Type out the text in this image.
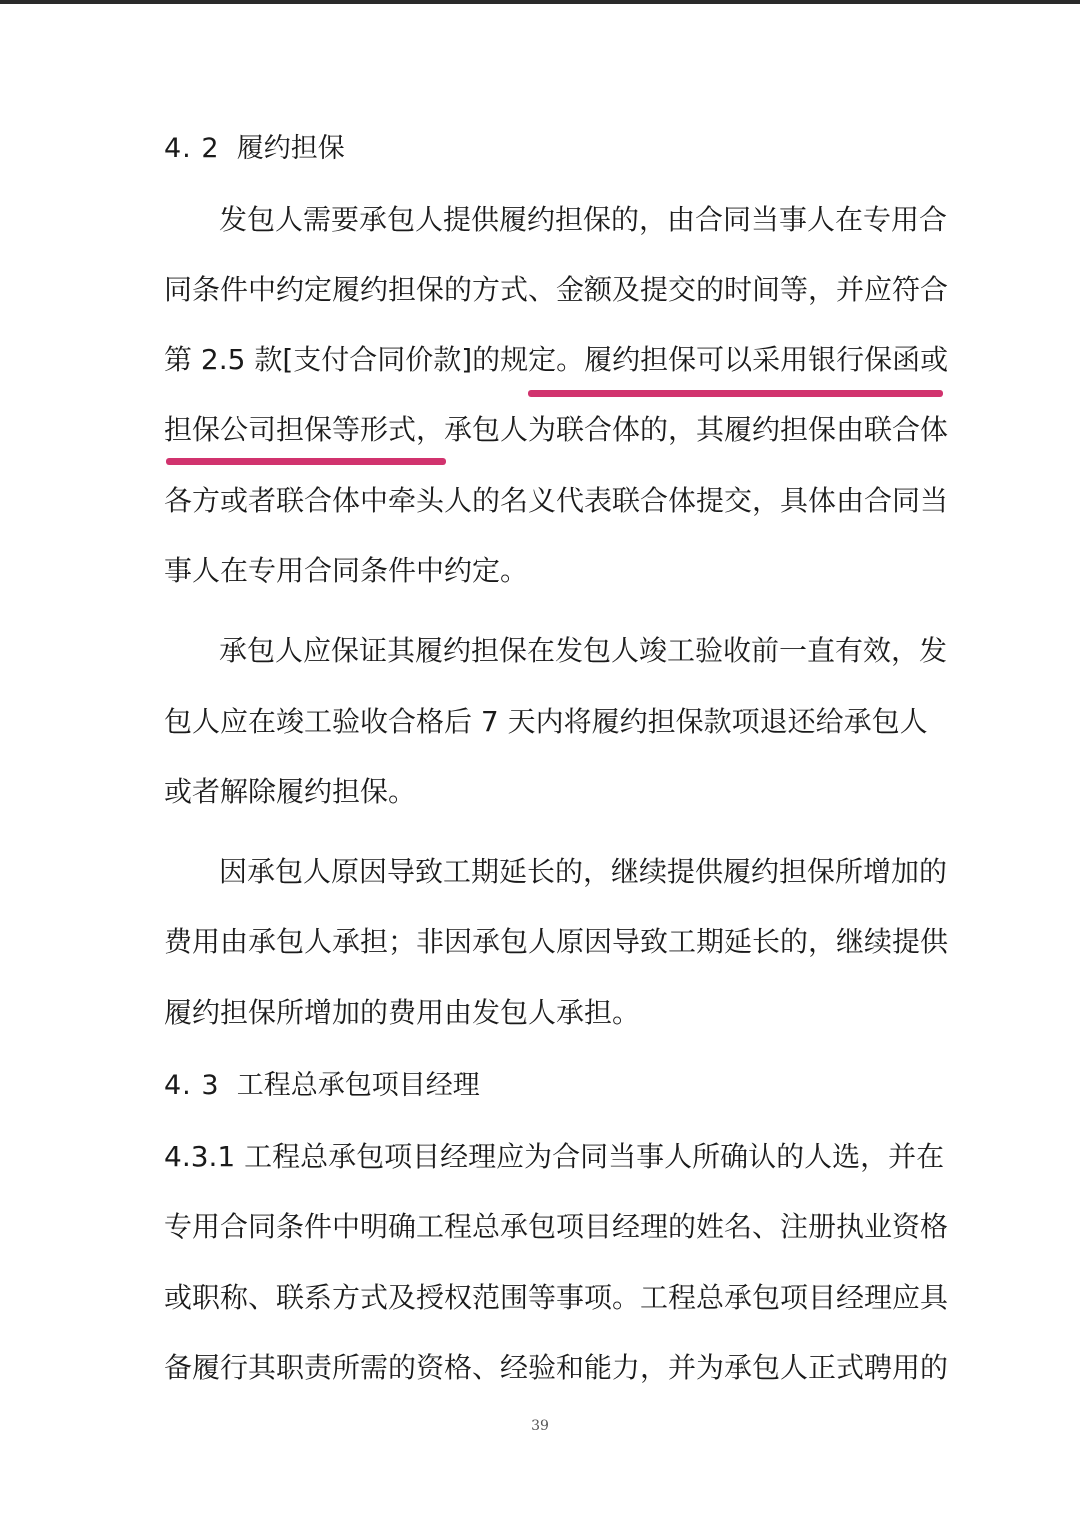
4. 2 履约担保
发包人需要承包人提供履约担保的，由合同当事人在专用合
同条件中约定履约担保的方式、金额及提交的时间等，并应符合
第 2.5 款[支付合同价款]的规定。履约担保可以采用银行保函或
担保公司担保等形式，承包人为联合体的，其履约担保由联合体
各方或者联合体中牵头人的名义代表联合体提交，具体由合同当
事人在专用合同条件中约定。
承包人应保证其履约担保在发包人竣工验收前一直有效，发
包人应在竣工验收合格后 7 天内将履约担保款项退还给承包人
或者解除履约担保。
因承包人原因导致工期延长的，继续提供履约担保所增加的
费用由承包人承担；非因承包人原因导致工期延长的，继续提供
履约担保所增加的费用由发包人承担。
4. 3 工程总承包项目经理
4.3.1 工程总承包项目经理应为合同当事人所确认的人选，并在
专用合同条件中明确工程总承包项目经理的姓名、注册执业资格
或职称、联系方式及授权范围等事项。工程总承包项目经理应具
备履行其职责所需的资格、经验和能力，并为承包人正式聘用的
39
